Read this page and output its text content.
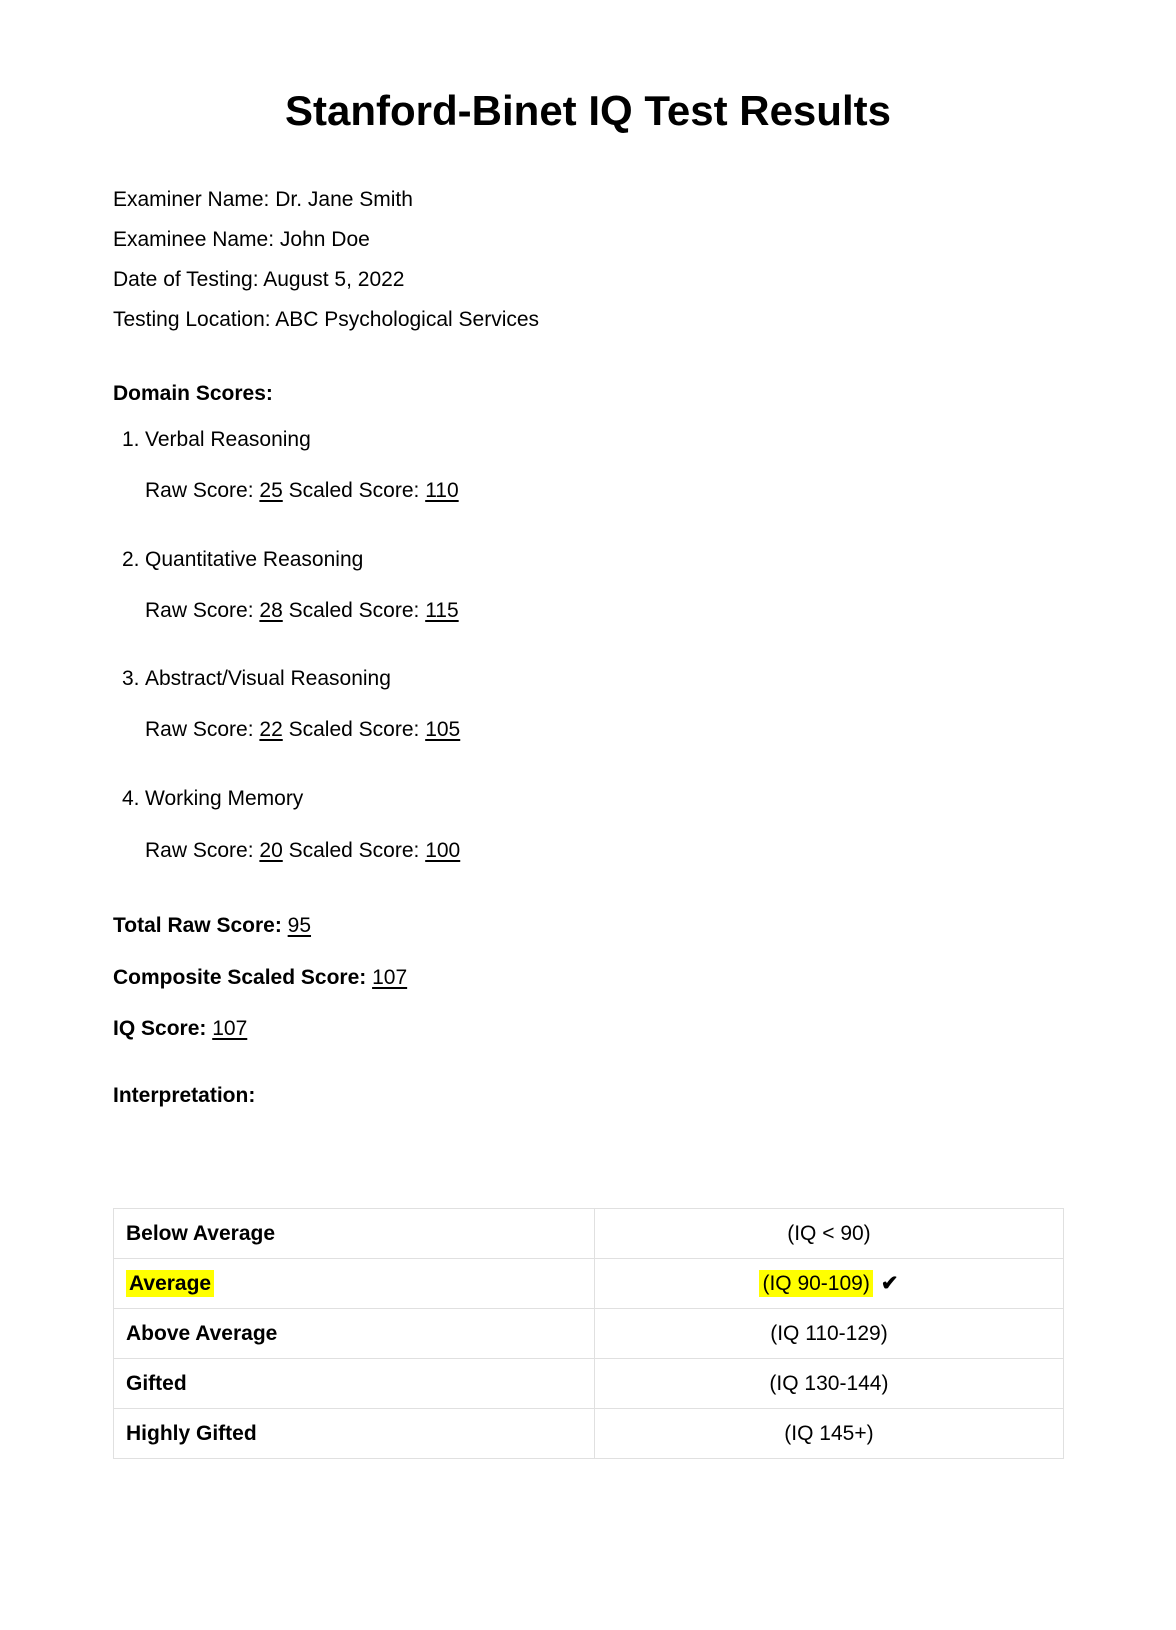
Stanford-Binet IQ Test Results
Examiner Name: Dr. Jane Smith
Examinee Name: John Doe
Date of Testing: August 5, 2022
Testing Location: ABC Psychological Services
Domain Scores:
1. Verbal Reasoning
Raw Score: 25 Scaled Score: 110
2. Quantitative Reasoning
Raw Score: 28 Scaled Score: 115
3. Abstract/Visual Reasoning
Raw Score: 22 Scaled Score: 105
4. Working Memory
Raw Score: 20 Scaled Score: 100
Total Raw Score: 95
Composite Scaled Score: 107
IQ Score: 107
Interpretation:
Below Average	(IQ < 90)
Average	(IQ 90-109) ✔
Above Average	(IQ 110-129)
Gifted	(IQ 130-144)
Highly Gifted	(IQ 145+)
